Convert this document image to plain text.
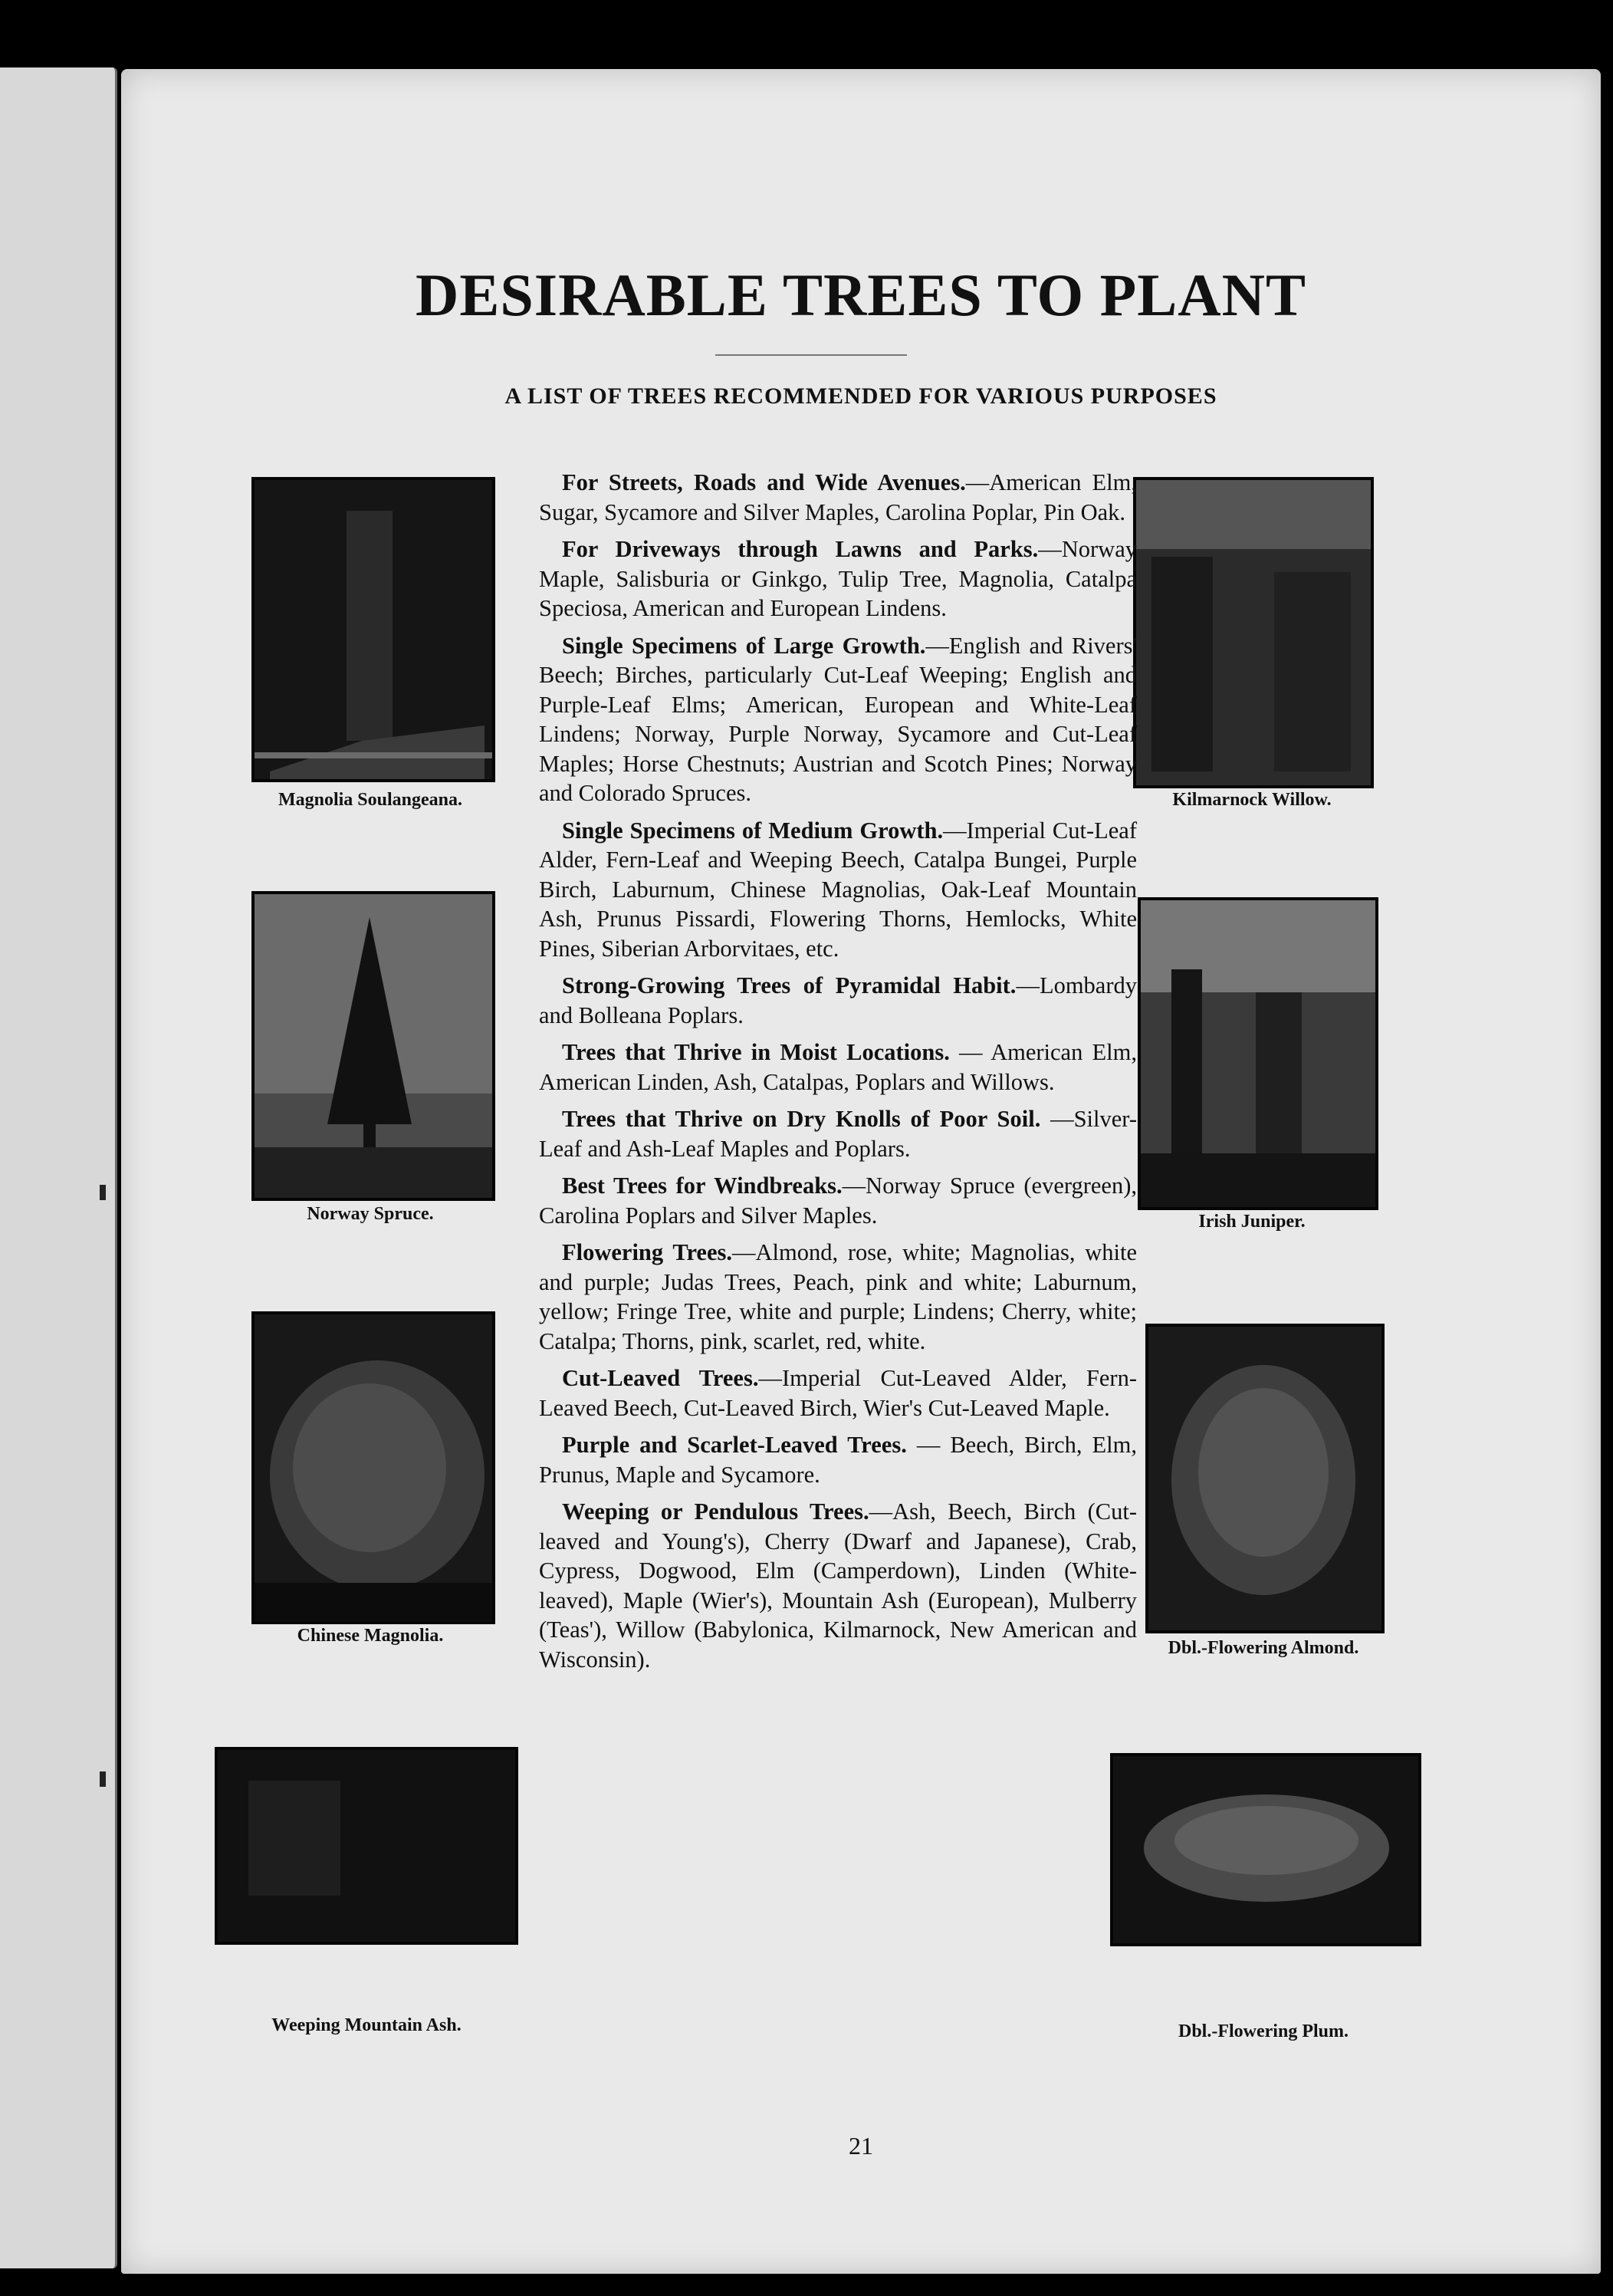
DESIRABLE TREES TO PLANT
A LIST OF TREES RECOMMENDED FOR VARIOUS PURPOSES
Magnolia Soulangeana.
Norway Spruce.
Chinese Magnolia.
Weeping Mountain Ash.
Kilmarnock Willow.
Irish Juniper.
Dbl.-Flowering Almond.
Dbl.-Flowering Plum.

For Streets, Roads and Wide Avenues.—American Elm, Sugar, Sycamore and Silver Maples, Carolina Poplar, Pin Oak.

For Driveways through Lawns and Parks.—Norway Maple, Salisburia or Ginkgo, Tulip Tree, Magnolia, Catalpa Speciosa, American and European Lindens.

Single Specimens of Large Growth.—English and Rivers' Beech; Birches, particularly Cut-Leaf Weeping; English and Purple-Leaf Elms; American, European and White-Leaf Lindens; Norway, Purple Norway, Sycamore and Cut-Leaf Maples; Horse Chestnuts; Austrian and Scotch Pines; Norway and Colorado Spruces.

Single Specimens of Medium Growth.—Imperial Cut-Leaf Alder, Fern-Leaf and Weeping Beech, Catalpa Bungei, Purple Birch, Laburnum, Chinese Magnolias, Oak-Leaf Mountain Ash, Prunus Pissardi, Flowering Thorns, Hemlocks, White Pines, Siberian Arborvitaes, etc.

Strong-Growing Trees of Pyramidal Habit.—Lombardy and Bolleana Poplars.

Trees that Thrive in Moist Locations. — American Elm, American Linden, Ash, Catalpas, Poplars and Willows.

Trees that Thrive on Dry Knolls of Poor Soil. —Silver-Leaf and Ash-Leaf Maples and Poplars.

Best Trees for Windbreaks.—Norway Spruce (evergreen), Carolina Poplars and Silver Maples.

Flowering Trees.—Almond, rose, white; Magnolias, white and purple; Judas Trees, Peach, pink and white; Laburnum, yellow; Fringe Tree, white and purple; Lindens; Cherry, white; Catalpa; Thorns, pink, scarlet, red, white.

Cut-Leaved Trees.—Imperial Cut-Leaved Alder, Fern-Leaved Beech, Cut-Leaved Birch, Wier's Cut-Leaved Maple.

Purple and Scarlet-Leaved Trees. — Beech, Birch, Elm, Prunus, Maple and Sycamore.

Weeping or Pendulous Trees.—Ash, Beech, Birch (Cut-leaved and Young's), Cherry (Dwarf and Japanese), Crab, Cypress, Dogwood, Elm (Camperdown), Linden (White-leaved), Maple (Wier's), Mountain Ash (European), Mulberry (Teas'), Willow (Babylonica, Kilmarnock, New American and Wisconsin).

21
